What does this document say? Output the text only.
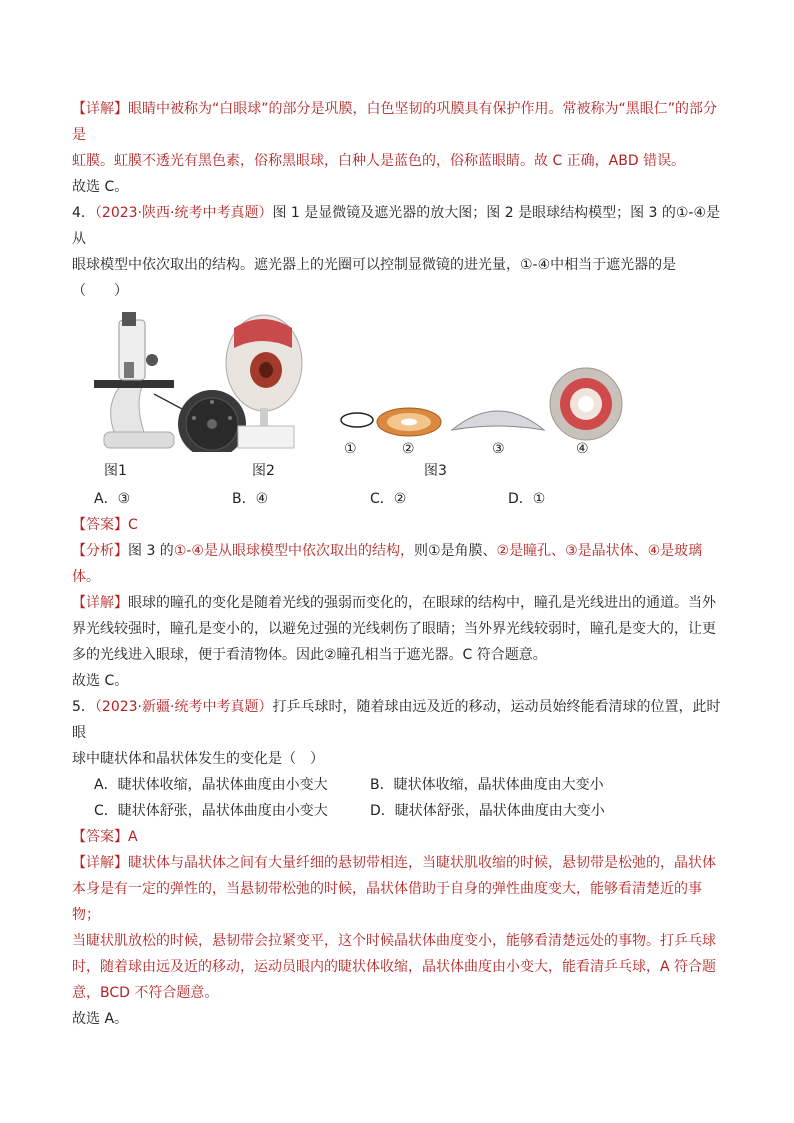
【详解】眼睛中被称为“白眼球”的部分是巩膜，白色坚韧的巩膜具有保护作用。常被称为“黑眼仁”的部分是

虹膜。虹膜不透光有黑色素，俗称黑眼球，白种人是蓝色的，俗称蓝眼睛。故 C 正确，ABD 错误。

故选 C。

4．（2023·陕西·统考中考真题）图 1 是显微镜及遮光器的放大图；图 2 是眼球结构模型；图 3 的①-④是从

眼球模型中依次取出的结构。遮光器上的光圈可以控制显微镜的进光量，①-④中相当于遮光器的是（　　）

①	②	③	④
图1	图2	图3
A．③	B．④	C．②	D．①

【答案】C

【分析】图 3 的①-④是从眼球模型中依次取出的结构，则①是角膜、②是瞳孔、③是晶状体、④是玻璃体。

【详解】眼球的瞳孔的变化是随着光线的强弱而变化的，在眼球的结构中，瞳孔是光线进出的通道。当外

界光线较强时，瞳孔是变小的，以避免过强的光线刺伤了眼睛；当外界光线较弱时，瞳孔是变大的，让更

多的光线进入眼球，便于看清物体。因此②瞳孔相当于遮光器。C 符合题意。

故选 C。

5．（2023·新疆·统考中考真题）打乒乓球时，随着球由远及近的移动，运动员始终能看清球的位置，此时眼

球中睫状体和晶状体发生的变化是（　）

A．睫状体收缩，晶状体曲度由小变大	B．睫状体收缩，晶状体曲度由大变小
C．睫状体舒张，晶状体曲度由小变大	D．睫状体舒张，晶状体曲度由大变小

【答案】A

【详解】睫状体与晶状体之间有大量纤细的悬韧带相连，当睫状肌收缩的时候，悬韧带是松弛的，晶状体

本身是有一定的弹性的，当悬韧带松弛的时候，晶状体借助于自身的弹性曲度变大，能够看清楚近的事物；

当睫状肌放松的时候，悬韧带会拉紧变平，这个时候晶状体曲度变小，能够看清楚远处的事物。打乒乓球

时，随着球由远及近的移动，运动员眼内的睫状体收缩，晶状体曲度由小变大，能看清乒乓球，A 符合题

意，BCD 不符合题意。

故选 A。
